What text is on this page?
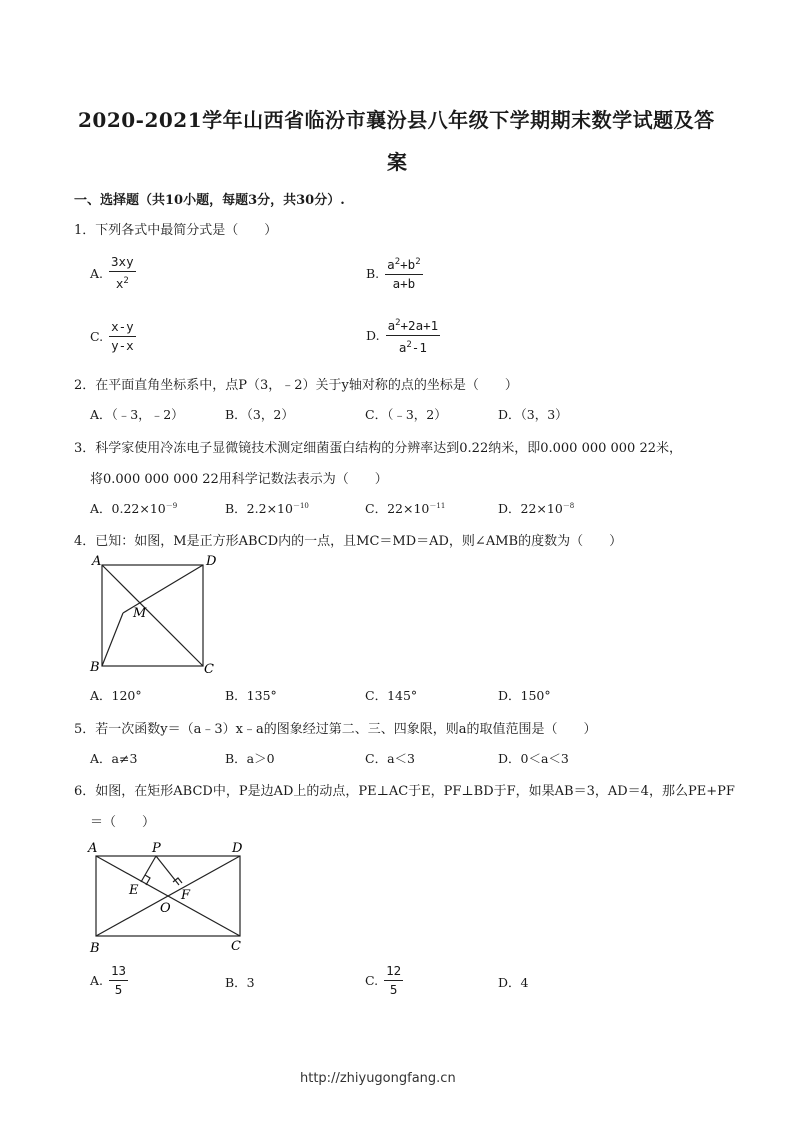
2020-2021学年山西省临汾市襄汾县八年级下学期期末数学试题及答
案
一、选择题（共10小题，每题3分，共30分）.
1．下列各式中最简分式是（　　）
A. $\frac{3xy}{x^2}$	B. $\frac{a^2+b^2}{a+b}$
C. $\frac{x-y}{y-x}$	D. $\frac{a^2+2a+1}{a^2-1}$
2．在平面直角坐标系中，点P（3，﹣2）关于y轴对称的点的坐标是（　　）
A．（﹣3，﹣2）	B．（3，2）	C．（﹣3，2）	D．（3，3）
3．科学家使用冷冻电子显微镜技术测定细菌蛋白结构的分辨率达到0.22纳米，即0.000 000 000 22米，
将0.000 000 000 22用科学记数法表示为（　　）
A．$0.22\times 10^{-9}$	B．$2.2\times 10^{-10}$	C．$22\times 10^{-11}$	D．$22\times 10^{-8}$
4．已知：如图，M是正方形ABCD内的一点，且MC＝MD＝AD，则∠AMB的度数为（　　）
A	D
B	C
M
A．120°	B．135°	C．145°	D．150°
5．若一次函数y＝（a﹣3）x﹣a的图象经过第二、三、四象限，则a的取值范围是（　　）
A．a≠3	B．a＞0	C．a＜3	D．0＜a＜3
6．如图，在矩形ABCD中，P是边AD上的动点，PE⊥AC于E，PF⊥BD于F，如果AB＝3，AD＝4，那么PE+PF
＝（　　）
A	P	D
E	F
O
B	C
A. $\frac{13}{5}$	B．3	C. $\frac{12}{5}$	D．4
http://zhiyugongfang.cn
